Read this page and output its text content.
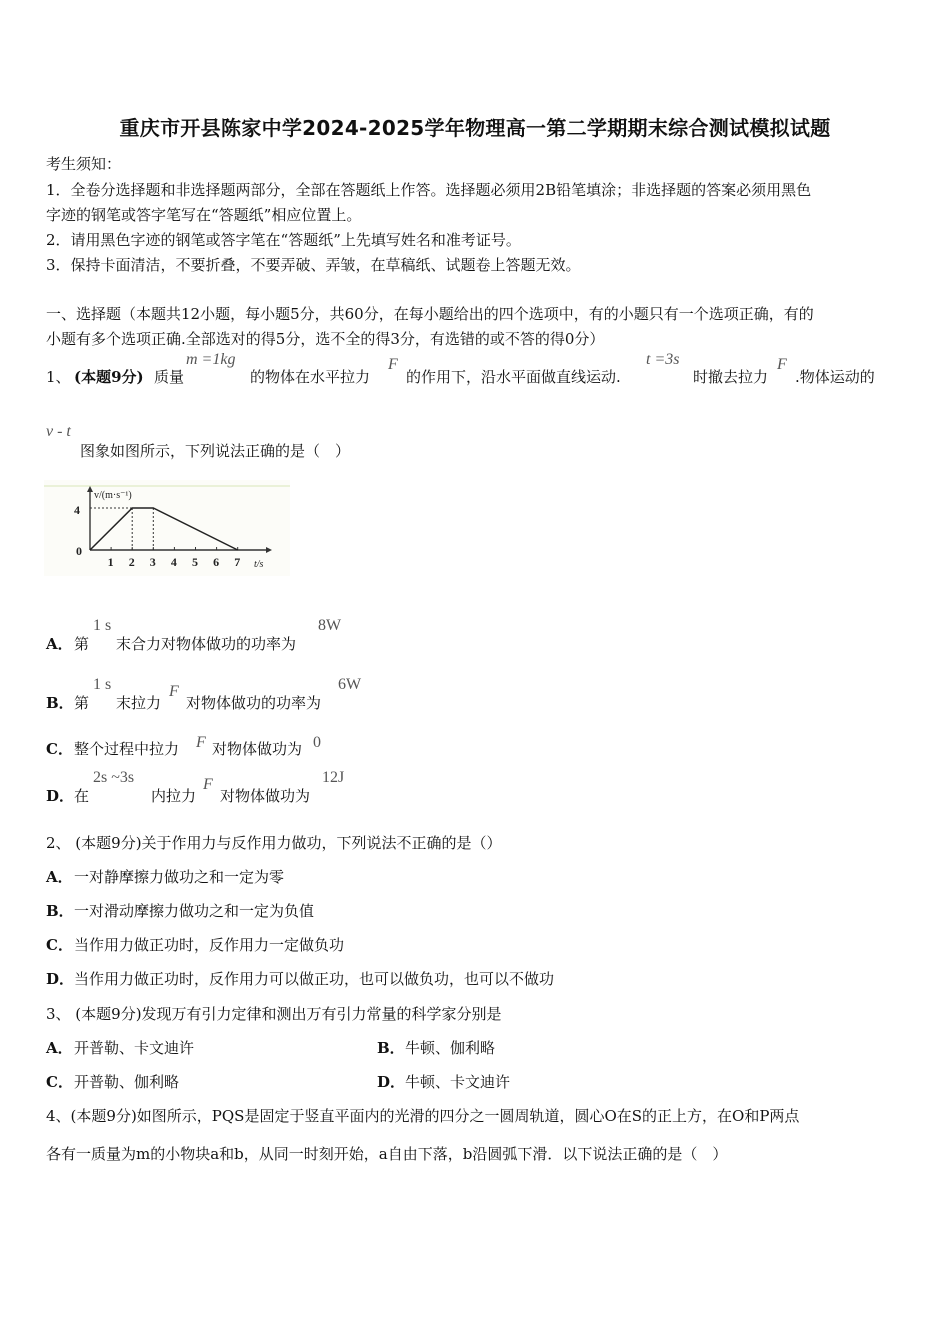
重庆市开县陈家中学2024-2025学年物理高一第二学期期末综合测试模拟试题
考生须知：
1．全卷分选择题和非选择题两部分，全部在答题纸上作答。选择题必须用2B铅笔填涂；非选择题的答案必须用黑色
字迹的钢笔或答字笔写在“答题纸”相应位置上。
2．请用黑色字迹的钢笔或答字笔在“答题纸”上先填写姓名和准考证号。
3．保持卡面清洁，不要折叠，不要弄破、弄皱，在草稿纸、试题卷上答题无效。
一、选择题（本题共12小题，每小题5分，共60分，在每小题给出的四个选项中，有的小题只有一个选项正确，有的
小题有多个选项正确.全部选对的得5分，选不全的得3分，有选错的或不答的得0分）
1、 (本题9分) 质量
m =1kg
的物体在水平拉力
F
的作用下，沿水平面做直线运动.
t =3s
时撤去拉力
F
.物体运动的
v - t
图象如图所示，下列说法正确的是（　）
v/(m·s⁻¹)
t/s
4
0
1 2 3 4 5 6 7
A． 第
1 s
末合力对物体做功的功率为
8W
B． 第
1 s
末拉力
F
对物体做功的功率为
6W
C． 整个过程中拉力 F 对物体做功为 0
D． 在
2s ~3s
内拉力
F
对物体做功为
12J
2、 (本题9分)关于作用力与反作用力做功，下列说法不正确的是（）
A． 一对静摩擦力做功之和一定为零
B． 一对滑动摩擦力做功之和一定为负值
C． 当作用力做正功时，反作用力一定做负功
D． 当作用力做正功时，反作用力可以做正功，也可以做负功，也可以不做功
3、 (本题9分)发现万有引力定律和测出万有引力常量的科学家分别是
A． 开普勒、卡文迪许	B． 牛顿、伽利略
C． 开普勒、伽利略	D． 牛顿、卡文迪许
4、(本题9分)如图所示，PQS是固定于竖直平面内的光滑的四分之一圆周轨道，圆心O在S的正上方，在O和P两点
各有一质量为m的小物块a和b，从同一时刻开始，a自由下落，b沿圆弧下滑．以下说法正确的是（　）
